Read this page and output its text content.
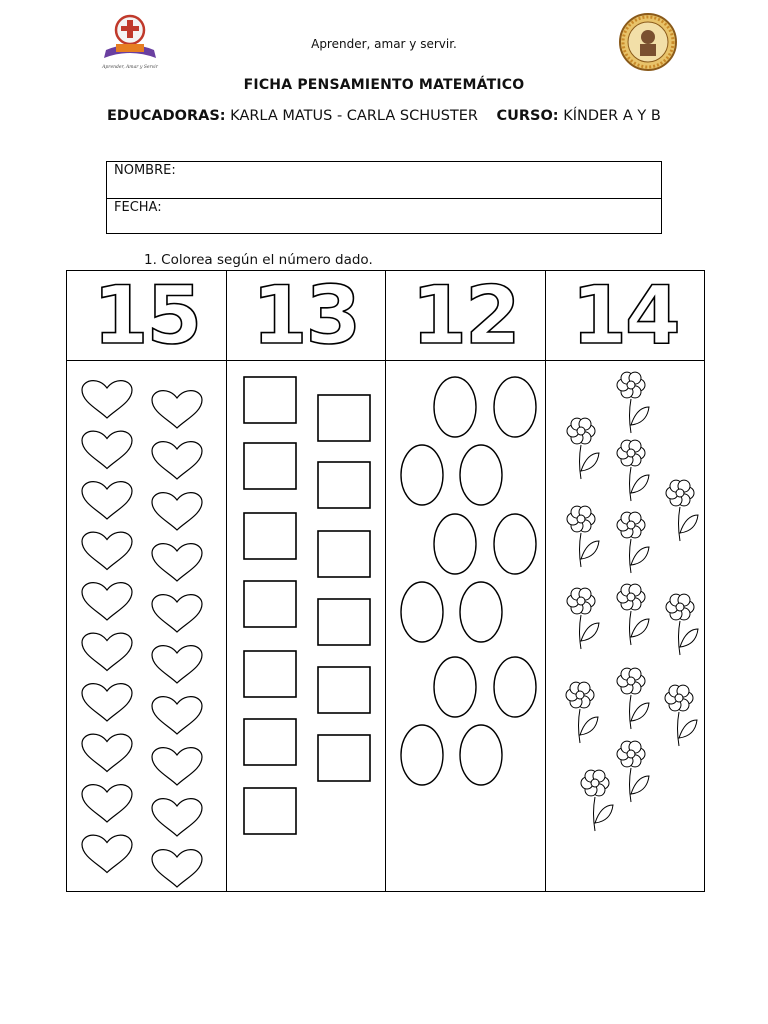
Aprender, Amar y Servir
Aprender, amar y servir.
FICHA PENSAMIENTO MATEMÁTICO
EDUCADORAS: KARLA MATUS - CARLA SCHUSTER    CURSO: KÍNDER A Y B
NOMBRE:
FECHA:
1. Colorea según el número dado.
15 13 12 14
